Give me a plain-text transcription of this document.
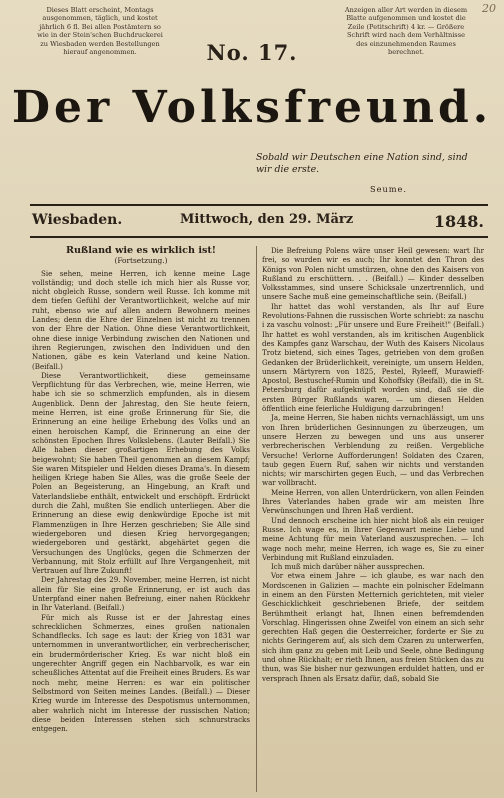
20
Dieses Blatt erscheint, Montags ausgenommen, täglich, und kostet jährlich 6 fl. Bei allen Postämtern so wie in der Stein'schen Buchdruckerei zu Wiesbaden werden Bestellungen hierauf angenommen.	No. 17.
Anzeigen aller Art werden in diesem Blatte aufgenommen und kostet die Zeile (Petitschrift) 4 kr. — Größere Schrift wird nach dem Verhältnisse des einzunehmenden Raumes berechnet.
Der Volksfreund.
Sobald wir Deutschen eine Nation sind, sind wir die erste.
Seume.
Wiesbaden.	Mittwoch, den 29. März	1848.
Rußland wie es wirklich ist!
(Fortsetzung.)

Sie sehen, meine Herren, ich kenne meine Lage vollständig; und doch stelle ich mich hier als Russe vor, nicht obgleich Russe, sondern weil Russe. Ich komme mit dem tiefen Gefühl der Verantwortlichkeit, welche auf mir ruht, ebenso wie auf allen andern Bewohnern meines Landes; denn die Ehre der Einzelnen ist nicht zu trennen von der Ehre der Nation. Ohne diese Verantwortlichkeit, ohne diese innige Verbindung zwischen den Nationen und ihren Regierungen, zwischen den Individuen und den Nationen, gäbe es kein Vaterland und keine Nation. (Beifall.)

Diese Verantwortlichkeit, diese gemeinsame Verpflichtung für das Verbrechen, wie, meine Herren, wie habe ich sie so schmerzlich empfunden, als in diesem Augenblick. Denn der Jahrestag, den Sie heute feiern, meine Herren, ist eine große Erinnerung für Sie, die Erinnerung an eine heilige Erhebung des Volks und an einen heroischen Kampf, die Erinnerung an eine der schönsten Epochen Ihres Volkslebens. (Lauter Beifall.) Sie Alle haben dieser großartigen Erhebung des Volks beigewohnt; Sie haben Theil genommen an diesem Kampf; Sie waren Mitspieler und Helden dieses Drama's. In diesem heiligen Kriege haben Sie Alles, was die große Seele der Polen an Begeisterung, an Hingebung, an Kraft und Vaterlandsliebe enthält, entwickelt und erschöpft. Erdrückt durch die Zahl, mußten Sie endlich unterliegen. Aber die Erinnerung an diese ewig denkwürdige Epoche ist mit Flammenzügen in Ihre Herzen geschrieben; Sie Alle sind wiedergeboren und diesen Krieg hervorgegangen; wiedergeboren und gestärkt, abgehärtet gegen die Versuchungen des Unglücks, gegen die Schmerzen der Verbannung, mit Stolz erfüllt auf Ihre Vergangenheit, mit Vertrauen auf Ihre Zukunft!

Der Jahrestag des 29. November, meine Herren, ist nicht allein für Sie eine große Erinnerung, er ist auch das Unterpfand einer nahen Befreiung, einer nahen Rückkehr in Ihr Vaterland. (Beifall.)

Für mich als Russe ist er der Jahrestag eines schrecklichen Schmerzes, eines großen nationalen Schandflecks. Ich sage es laut: der Krieg von 1831 war unternommen in unverantwortlicher, ein verbrecherischer, ein brudermörderischer Krieg. Es war nicht bloß ein ungerechter Angriff gegen ein Nachbarvolk, es war ein scheußliches Attentat auf die Freiheit eines Bruders. Es war noch mehr, meine Herren: es war ein politischer Selbstmord von Seiten meines Landes. (Beifall.) — Dieser Krieg wurde im Interesse des Despotismus unternommen, aber wahrlich nicht im Interesse der russischen Nation; diese beiden Interessen stehen sich schnurstracks entgegen.

Die Befreiung Polens wäre unser Heil gewesen: wart Ihr frei, so wurden wir es auch; Ihr konntet den Thron des Königs von Polen nicht umstürzen, ohne den des Kaisers von Rußland zu erschüttern. . . (Beifall.) — Kinder desselben Volksstammes, sind unsere Schicksale unzertrennlich, und unsere Sache muß eine gemeinschaftliche sein. (Beifall.)

Ihr hattet das wohl verstanden, als Ihr auf Eure Revolutions-Fahnen die russischen Worte schriebt: za naschu i za vaschu volnost: „Für unsere und Eure Freiheit!" (Beifall.) Ihr hattet es wohl verstanden, als im kritischen Augenblick des Kampfes ganz Warschau, der Wuth des Kaisers Nicolaus Trotz bietend, sich eines Tages, getrieben von dem großen Gedanken der Brüderlichkeit, vereinigte, um unsern Helden, unsern Märtyrern von 1825, Pestel, Ryleeff, Murawieff-Apostol, Bestuschef-Rumin und Kohoffsky (Beifall), die in St. Petersburg dafür aufgeknüpft worden sind, daß sie die ersten Bürger Rußlands waren, — um diesen Helden öffentlich eine feierliche Huldigung darzubringen!

Ja, meine Herren, Sie haben nichts vernachlässigt, um uns von Ihren brüderlichen Gesinnungen zu überzeugen, um unsere Herzen zu bewegen und uns aus unserer verbrecherischen Verblendung zu reißen. Vergebliche Versuche! Verlorne Aufforderungen! Soldaten des Czaren, taub gegen Euern Ruf, sahen wir nichts und verstanden nichts; wir marschirten gegen Euch, — und das Verbrechen war vollbracht.

Meine Herren, von allen Unterdrückern, von allen Feinden Ihres Vaterlandes haben grade wir am meisten Ihre Verwünschungen und Ihren Haß verdient.

Und dennoch erscheine ich hier nicht bloß als ein reuiger Russe. Ich wage es, in Ihrer Gegenwart meine Liebe und meine Achtung für mein Vaterland auszusprechen. — Ich wage noch mehr, meine Herren, ich wage es, Sie zu einer Verbindung mit Rußland einzuladen.

Ich muß mich darüber näher aussprechen.

Vor etwa einem Jahre — ich glaube, es war nach den Mordscenen in Galizien — machte ein polnischer Edelmann in einem an den Fürsten Metternich gerichteten, mit vieler Geschicklichkeit geschriebenen Briefe, der seitdem Berühmtheit erlangt hat, Ihnen einen befremdenden Vorschlag. Hingerissen ohne Zweifel von einem an sich sehr gerechten Haß gegen die Oesterreicher, forderte er Sie zu nichts Geringerem auf, als sich dem Czaren zu unterwerfen, sich ihm ganz zu geben mit Leib und Seele, ohne Bedingung und ohne Rückhalt; er rieth Ihnen, aus freien Stücken das zu thun, was Sie bisher nur gezwungen erduldet hatten, und er versprach Ihnen als Ersatz dafür, daß, sobald Sie
